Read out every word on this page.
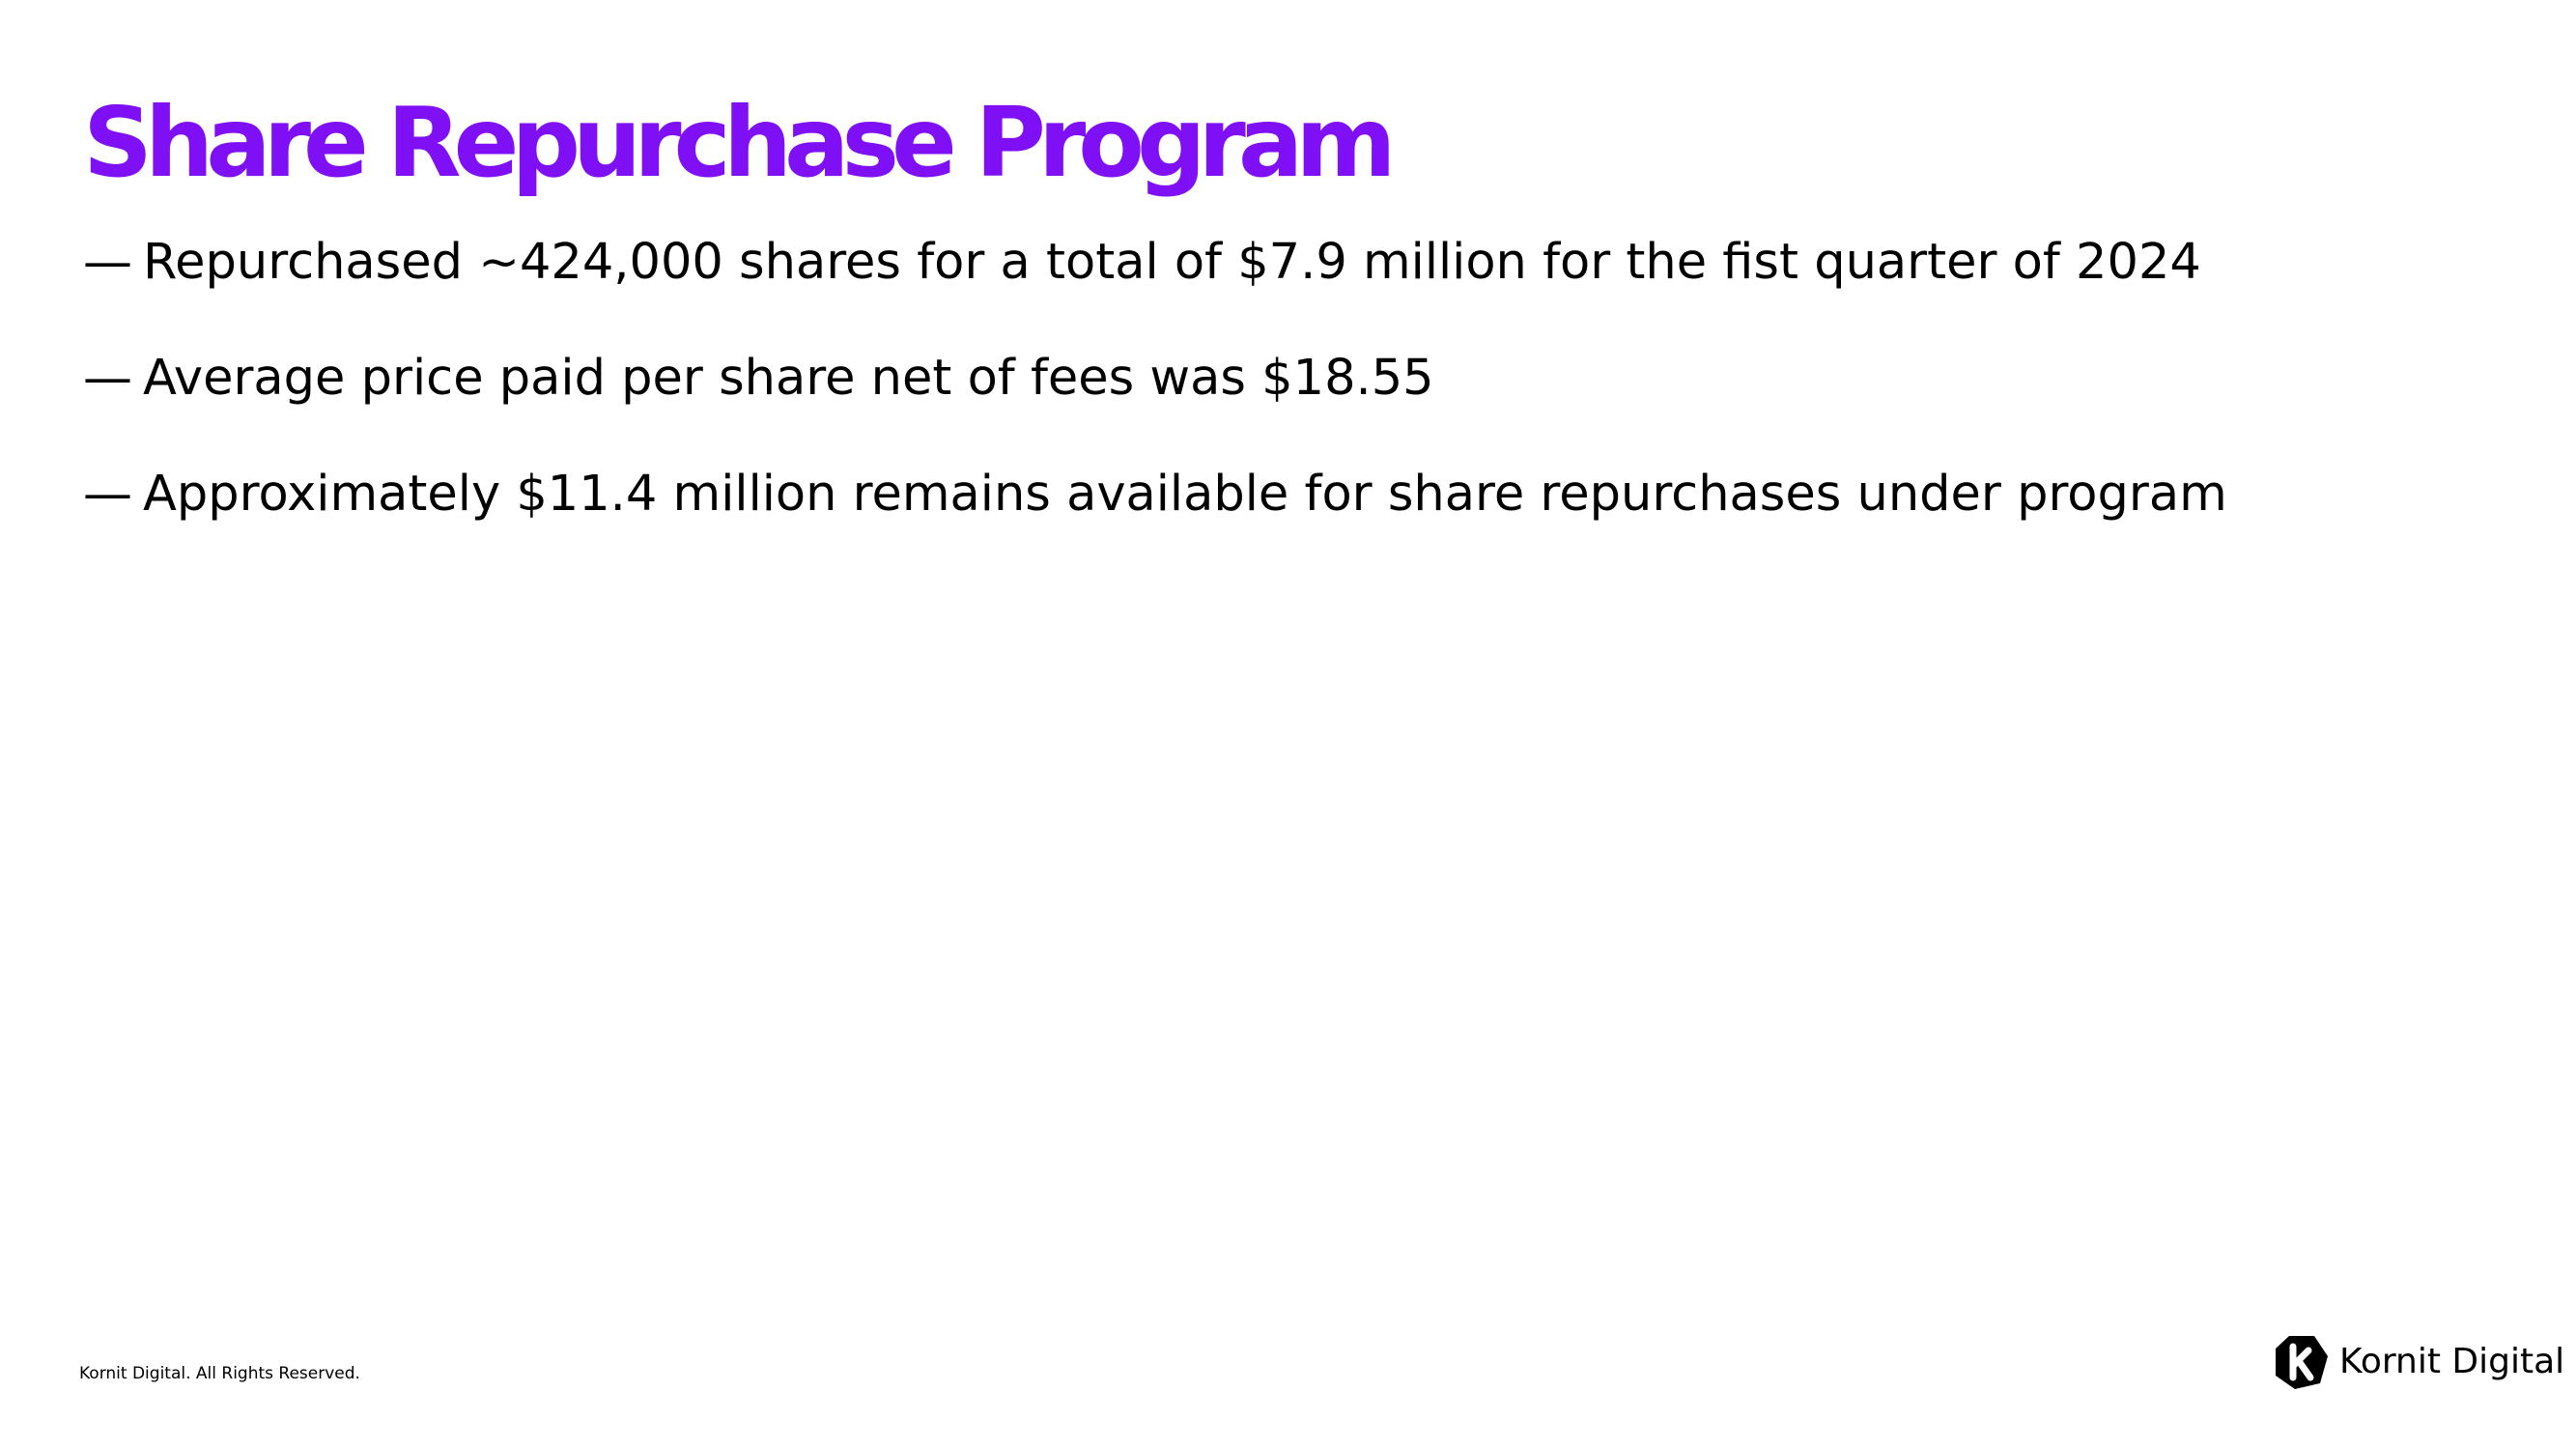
Share Repurchase Program
— Repurchased ~424,000 shares for a total of $7.9 million for the fist quarter of 2024
— Average price paid per share net of fees was $18.55
— Approximately $11.4 million remains available for share repurchases under program
Kornit Digital. All Rights Reserved.	Kornit Digital
